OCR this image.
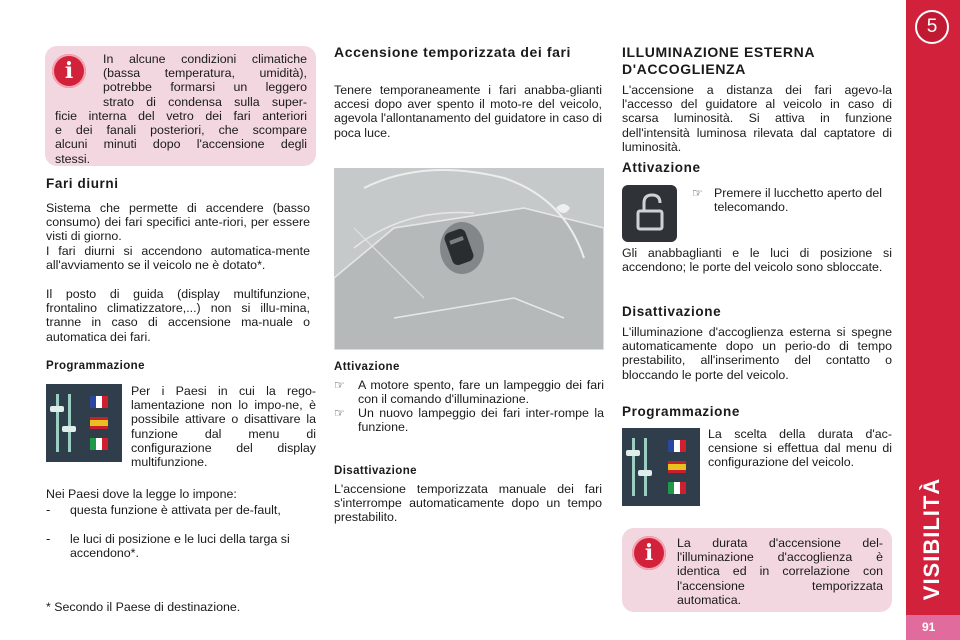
5
VISIBILITÀ
91
i	In alcune condizioni climatiche
(bassa temperatura, umidità),
potrebbe formarsi un leggero
strato di condensa sulla super-
ficie interna del vetro dei fari anteriori
e dei fanali posteriori, che scompare
alcuni minuti dopo l'accensione degli
stessi.
Fari diurni
Sistema che permette di accendere (basso consumo) dei fari specifici ante-riori, per essere visti di giorno.
I fari diurni si accendono automatica-mente all'avviamento se il veicolo ne è dotato*.
Il posto di guida (display multifunzione, frontalino climatizzatore,...) non si illu-mina, tranne in caso di accensione ma-nuale o automatica dei fari.
Programmazione
Per i Paesi in cui la rego-lamentazione non lo impo-ne, è possibile attivare o disattivare la funzione dal menu di configurazione del display multifunzione.
Nei Paesi dove la legge lo impone:
- questa funzione è attivata per de-fault,
- le luci di posizione e le luci della targa si accendono*.
* Secondo il Paese di destinazione.
Accensione temporizzata dei fari
Tenere temporaneamente i fari anabba-glianti accesi dopo aver spento il moto-re del veicolo, agevola l'allontanamento del guidatore in caso di poca luce.
Attivazione
☞ A motore spento, fare un lampeggio dei fari con il comando d'illuminazione.
☞ Un nuovo lampeggio dei fari inter-rompe la funzione.
Disattivazione
L'accensione temporizzata manuale dei fari s'interrompe automaticamente dopo un tempo prestabilito.
ILLUMINAZIONE ESTERNA D'ACCOGLIENZA
L'accensione a distanza dei fari agevo-la l'accesso del guidatore al veicolo in caso di scarsa luminosità. Si attiva in funzione dell'intensità luminosa rilevata dal captatore di luminosità.
Attivazione
☞ Premere il lucchetto aperto del telecomando.
Gli anabbaglianti e le luci di posizione si accendono; le porte del veicolo sono sbloccate.
Disattivazione
L'illuminazione d'accoglienza esterna si spegne automaticamente dopo un perio-do di tempo prestabilito, all'inserimento del contatto o bloccando le porte del veicolo.
Programmazione
La scelta della durata d'ac-censione si effettua dal menu di configurazione del veicolo.
i	La durata d'accensione del-l'illuminazione d'accoglienza è identica ed in correlazione con l'accensione temporizzata automatica.
